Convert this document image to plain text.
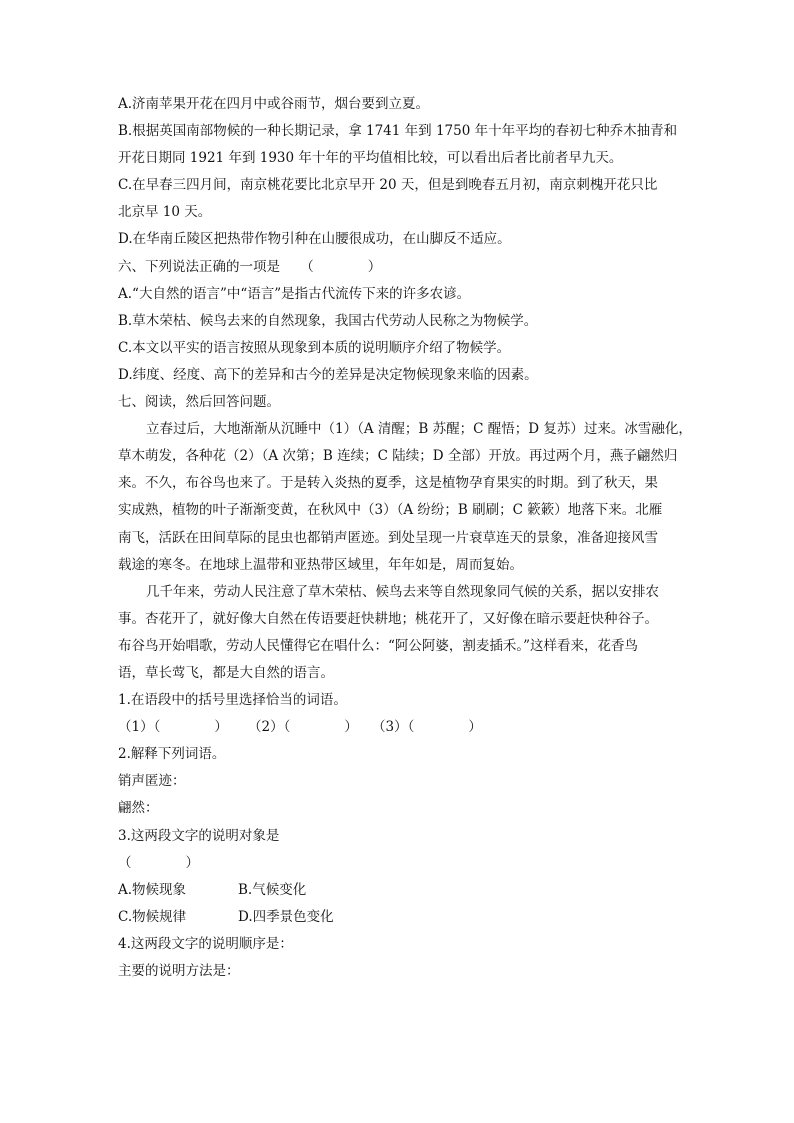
A.济南苹果开花在四月中或谷雨节，烟台要到立夏。

B.根据英国南部物候的一种长期记录，拿 1741 年到 1750 年十年平均的春初七种乔木抽青和

开花日期同 1921 年到 1930 年十年的平均值相比较，可以看出后者比前者早九天。

C.在早春三四月间，南京桃花要比北京早开 20 天，但是到晚春五月初，南京刺槐开花只比

北京早 10 天。

D.在华南丘陵区把热带作物引种在山腰很成功，在山脚反不适应。

六、下列说法正确的一项是　　（　　　　）

A.“大自然的语言”中“语言”是指古代流传下来的许多农谚。

B.草木荣枯、候鸟去来的自然现象，我国古代劳动人民称之为物候学。

C.本文以平实的语言按照从现象到本质的说明顺序介绍了物候学。

D.纬度、经度、高下的差异和古今的差异是决定物候现象来临的因素。

七、阅读，然后回答问题。

立春过后，大地渐渐从沉睡中（1）（A 清醒；B 苏醒；C 醒悟；D 复苏）过来。冰雪融化，

草木萌发，各种花（2）（A 次第；B 连续；C 陆续；D 全部）开放。再过两个月，燕子翩然归

来。不久，布谷鸟也来了。于是转入炎热的夏季，这是植物孕育果实的时期。到了秋天，果

实成熟，植物的叶子渐渐变黄，在秋风中（3）（A 纷纷；B 刷刷；C 簌簌）地落下来。北雁

南飞，活跃在田间草际的昆虫也都销声匿迹。到处呈现一片衰草连天的景象，准备迎接风雪

载途的寒冬。在地球上温带和亚热带区域里，年年如是，周而复始。

几千年来，劳动人民注意了草木荣枯、候鸟去来等自然现象同气候的关系，据以安排农

事。杏花开了，就好像大自然在传语要赶快耕地；桃花开了，又好像在暗示要赶快种谷子。

布谷鸟开始唱歌，劳动人民懂得它在唱什么：“阿公阿婆，割麦插禾。”这样看来，花香鸟

语，草长莺飞，都是大自然的语言。

1.在语段中的括号里选择恰当的词语。

（1）（　　　　）	（2）（　　　　）	（3）（　　　　）

2.解释下列词语。

销声匿迹：

翩然：

3.这两段文字的说明对象是

（　　　　）

A.物候现象	B.气候变化

C.物候规律	D.四季景色变化

4.这两段文字的说明顺序是：

主要的说明方法是：
